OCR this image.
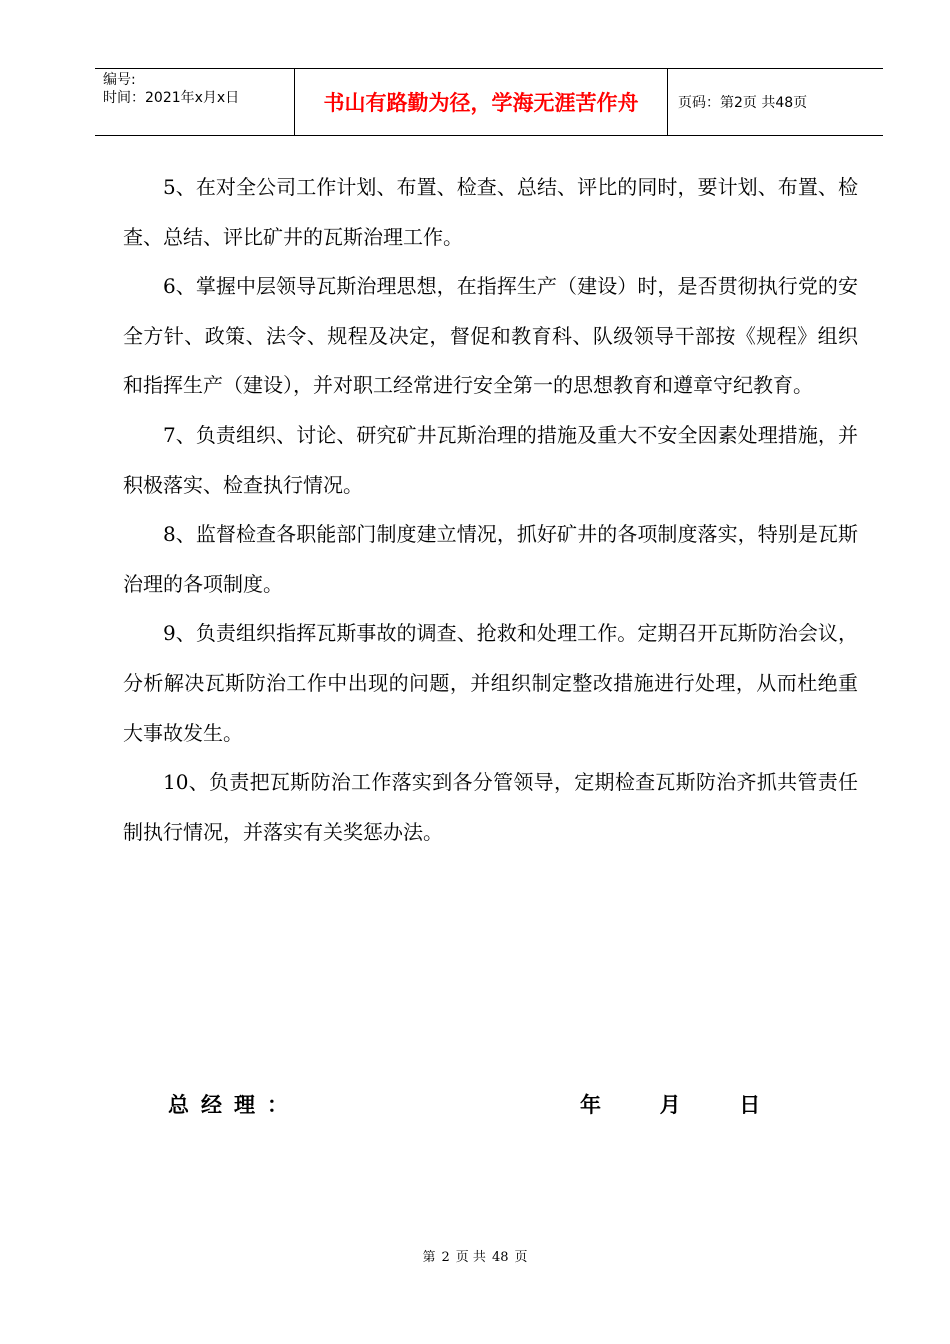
编号:
时间：2021年x月x日	书山有路勤为径，学海无涯苦作舟	页码：第2页 共48页

5、在对全公司工作计划、布置、检查、总结、评比的同时，要计划、布置、检查、总结、评比矿井的瓦斯治理工作。

6、掌握中层领导瓦斯治理思想，在指挥生产（建设）时，是否贯彻执行党的安全方针、政策、法令、规程及决定，督促和教育科、队级领导干部按《规程》组织和指挥生产（建设），并对职工经常进行安全第一的思想教育和遵章守纪教育。

7、负责组织、讨论、研究矿井瓦斯治理的措施及重大不安全因素处理措施，并积极落实、检查执行情况。

8、监督检查各职能部门制度建立情况，抓好矿井的各项制度落实，特别是瓦斯治理的各项制度。

9、负责组织指挥瓦斯事故的调查、抢救和处理工作。定期召开瓦斯防治会议，分析解决瓦斯防治工作中出现的问题，并组织制定整改措施进行处理，从而杜绝重大事故发生。

10、负责把瓦斯防治工作落实到各分管领导，定期检查瓦斯防治齐抓共管责任制执行情况，并落实有关奖惩办法。

总经理：	年	月	日
第 2 页 共 48 页
